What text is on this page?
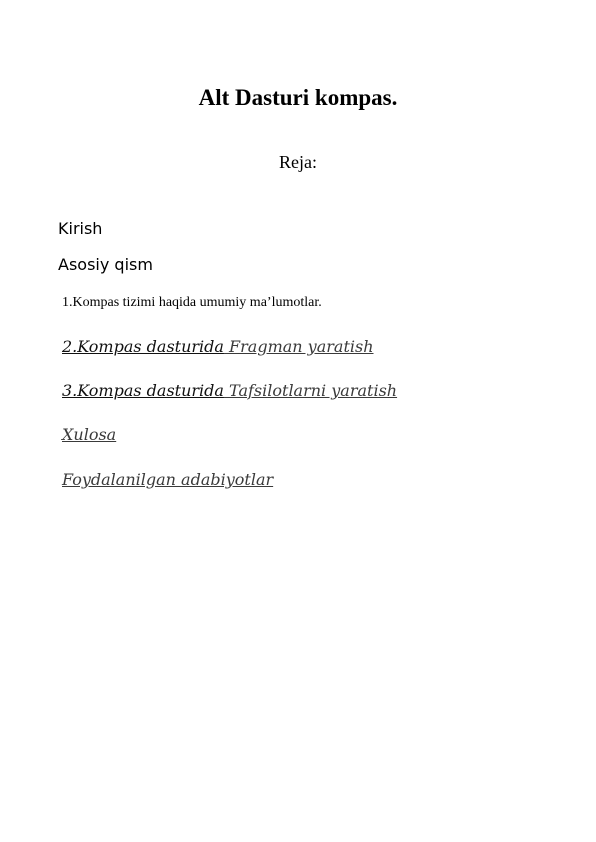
Alt Dasturi kompas.
Reja:
Kirish
Asosiy qism
1.Kompas tizimi haqida umumiy ma’lumotlar.
2.Kompas dasturida Fragman yaratish
3.Kompas dasturida Tafsilotlarni yaratish
Xulosa
Foydalanilgan adabiyotlar
